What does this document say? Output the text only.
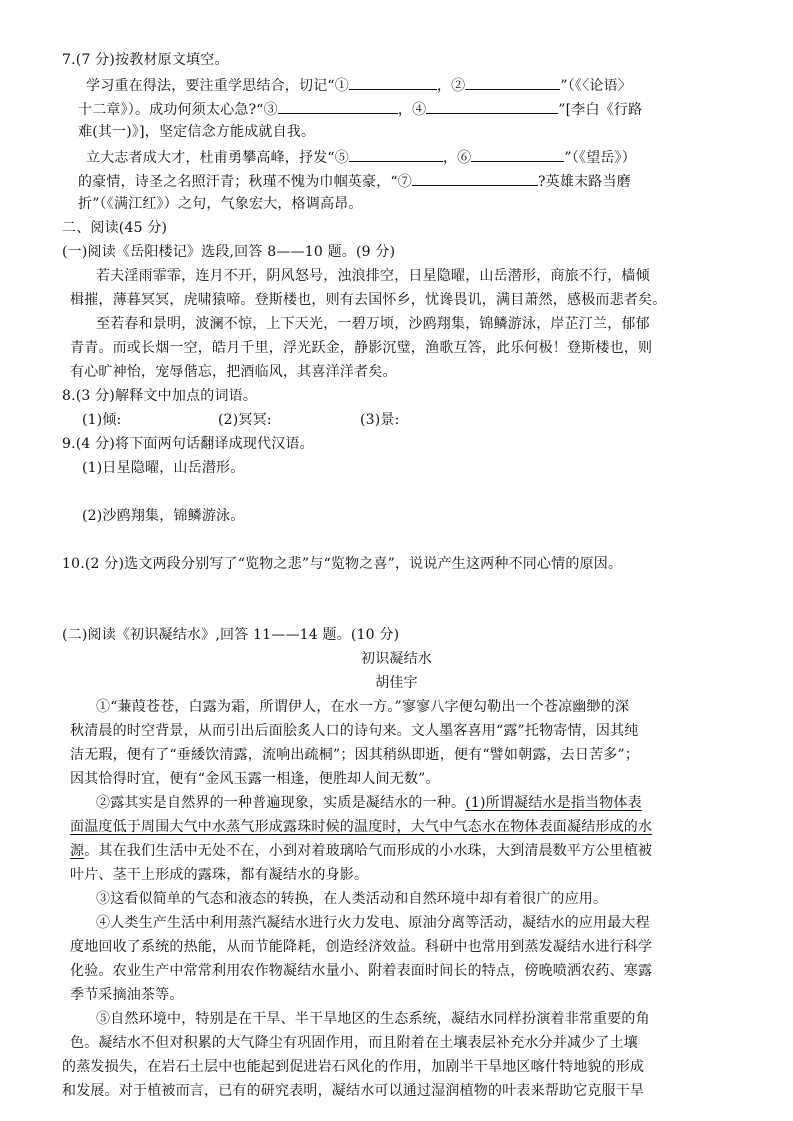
7.(7 分)按教材原文填空。
学习重在得法，要注重学思结合，切记“①	，②	”（《〈论语〉
十二章》）。成功何须太心急?“③	，④	”[李白《行路
难(其一)》]，坚定信念方能成就自我。
立大志者成大才，杜甫勇攀高峰，抒发“⑤	，⑥	”（《望岳》）
的豪情，诗圣之名照汗青；秋瑾不愧为巾帼英豪，“⑦	?英雄末路当磨
折”（《满江红》）之句，气象宏大，格调高昂。
二、阅读(45 分)
(一)阅读《岳阳楼记》选段,回答 8——10 题。(9 分)
若夫淫雨霏霏，连月不开，阴风怒号，浊浪排空，日星隐曜，山岳潜形，商旅不行，樯倾
楫摧，薄暮冥冥，虎啸猿啼。登斯楼也，则有去国怀乡，忧谗畏讥，满目萧然，感极而悲者矣。
至若春和景明，波澜不惊，上下天光，一碧万顷，沙鸥翔集，锦鳞游泳，岸芷汀兰，郁郁
青青。而或长烟一空，皓月千里，浮光跃金，静影沉璧，渔歌互答，此乐何极！登斯楼也，则
有心旷神怡，宠辱偕忘，把酒临风，其喜洋洋者矣。
8.(3 分)解释文中加点的词语。
(1)倾:	(2)冥冥:	(3)景:
9.(4 分)将下面两句话翻译成现代汉语。
(1)日星隐曜，山岳潜形。
(2)沙鸥翔集，锦鳞游泳。
10.(2 分)选文两段分别写了“览物之悲”与“览物之喜”，说说产生这两种不同心情的原因。
(二)阅读《初识凝结水》,回答 11——14 题。(10 分)
初识凝结水
胡佳宇
①“蒹葭苍苍，白露为霜，所谓伊人，在水一方。”寥寥八字便勾勒出一个苍凉幽缈的深
秋清晨的时空背景，从而引出后面脍炙人口的诗句来。文人墨客喜用“露”托物寄情，因其纯
洁无瑕，便有了“垂緌饮清露，流响出疏桐”；因其稍纵即逝，便有“譬如朝露，去日苦多”；
因其恰得时宜，便有“金风玉露一相逢，便胜却人间无数”。
②露其实是自然界的一种普遍现象，实质是凝结水的一种。(1)所谓凝结水是指当物体表
面温度低于周围大气中水蒸气形成露珠时候的温度时，大气中气态水在物体表面凝结形成的水
源。其在我们生活中无处不在，小到对着玻璃哈气而形成的小水珠，大到清晨数平方公里植被
叶片、茎干上形成的露珠，都有凝结水的身影。
③这看似简单的气态和液态的转换，在人类活动和自然环境中却有着很广的应用。
④人类生产生活中利用蒸汽凝结水进行火力发电、原油分离等活动，凝结水的应用最大程
度地回收了系统的热能，从而节能降耗，创造经济效益。科研中也常用到蒸发凝结水进行科学
化验。农业生产中常常利用农作物凝结水量小、附着表面时间长的特点，傍晚喷洒农药、寒露
季节采摘油茶等。
⑤自然环境中，特别是在干旱、半干旱地区的生态系统，凝结水同样扮演着非常重要的角
色。凝结水不但对积累的大气降尘有巩固作用，而且附着在土壤表层补充水分并减少了土壤
的蒸发损失，在岩石土层中也能起到促进岩石风化的作用，加剧半干旱地区喀什特地貌的形成
和发展。对于植被而言，已有的研究表明，凝结水可以通过湿润植物的叶表来帮助它克服干旱
